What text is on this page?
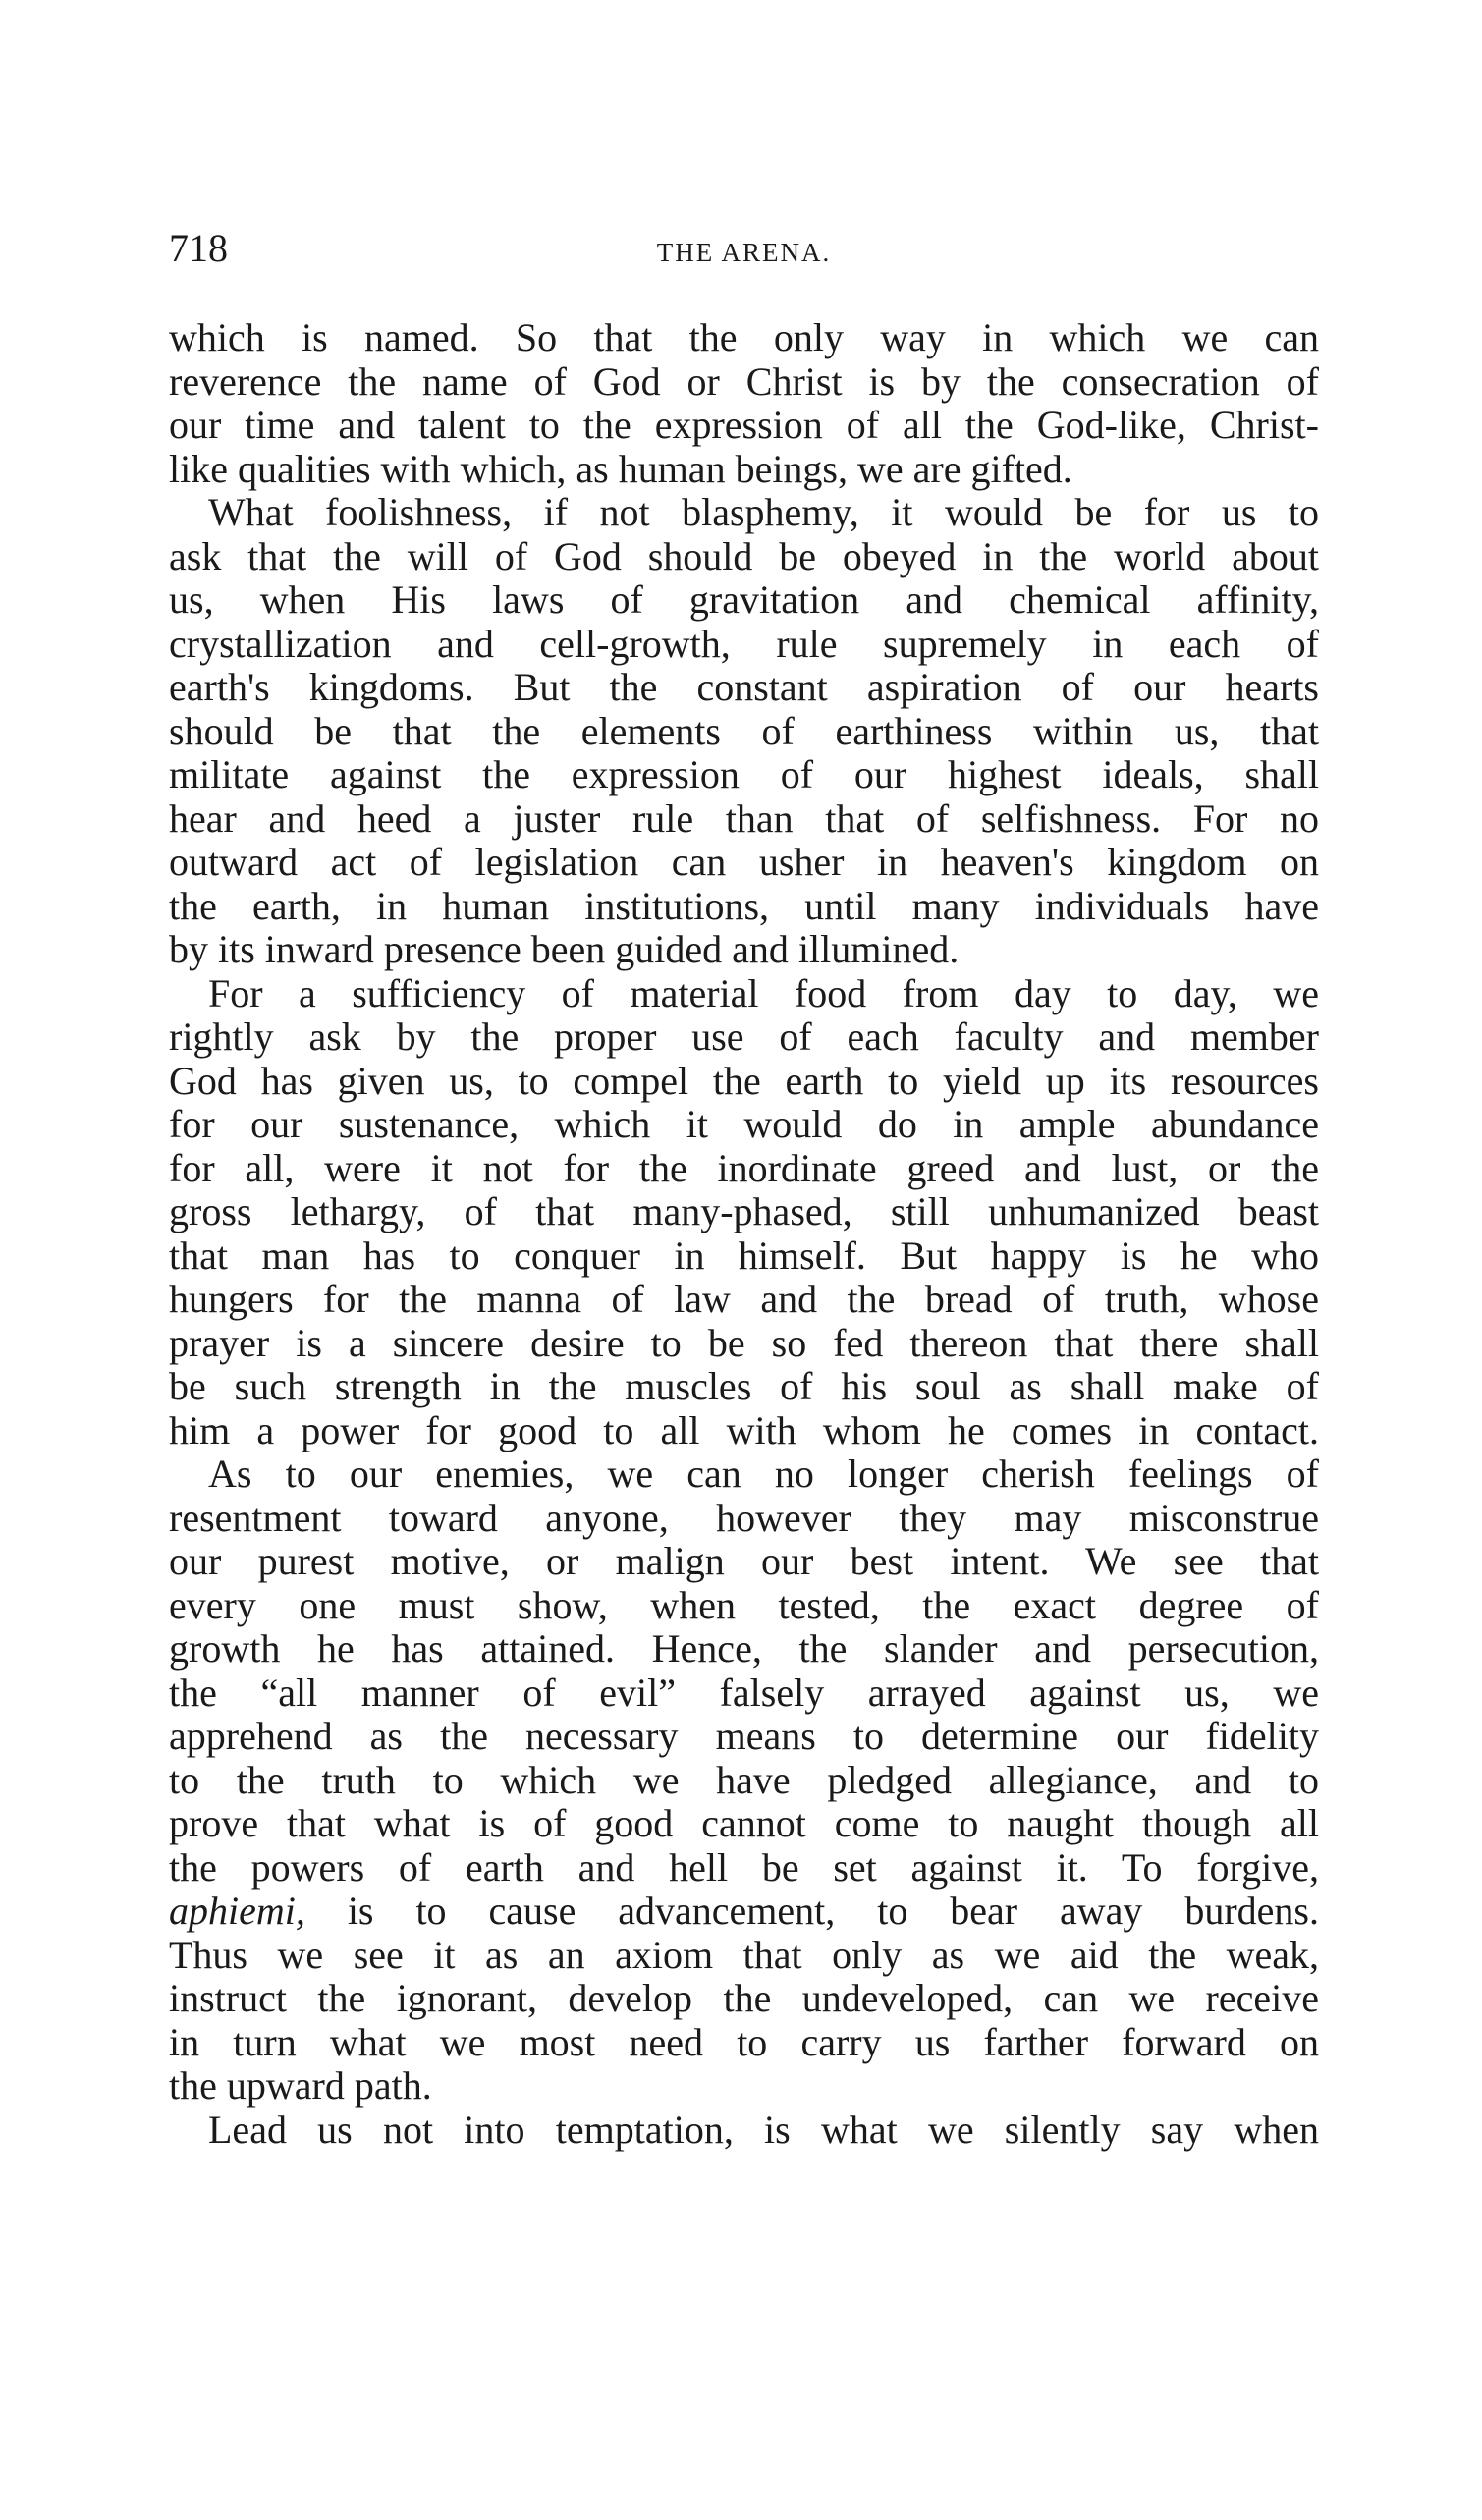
718	THE ARENA.
which is named. So that the only way in which we can
reverence the name of God or Christ is by the consecration of
our time and talent to the expression of all the God-like, Christ-
like qualities with which, as human beings, we are gifted.
What foolishness, if not blasphemy, it would be for us to
ask that the will of God should be obeyed in the world about
us, when His laws of gravitation and chemical affinity,
crystallization and cell-growth, rule supremely in each of
earth's kingdoms. But the constant aspiration of our hearts
should be that the elements of earthiness within us, that
militate against the expression of our highest ideals, shall
hear and heed a juster rule than that of selfishness. For no
outward act of legislation can usher in heaven's kingdom on
the earth, in human institutions, until many individuals have
by its inward presence been guided and illumined.
For a sufficiency of material food from day to day, we
rightly ask by the proper use of each faculty and member
God has given us, to compel the earth to yield up its resources
for our sustenance, which it would do in ample abundance
for all, were it not for the inordinate greed and lust, or the
gross lethargy, of that many-phased, still unhumanized beast
that man has to conquer in himself. But happy is he who
hungers for the manna of law and the bread of truth, whose
prayer is a sincere desire to be so fed thereon that there shall
be such strength in the muscles of his soul as shall make of
him a power for good to all with whom he comes in contact.
As to our enemies, we can no longer cherish feelings of
resentment toward anyone, however they may misconstrue
our purest motive, or malign our best intent. We see that
every one must show, when tested, the exact degree of
growth he has attained. Hence, the slander and persecution,
the “all manner of evil” falsely arrayed against us, we
apprehend as the necessary means to determine our fidelity
to the truth to which we have pledged allegiance, and to
prove that what is of good cannot come to naught though all
the powers of earth and hell be set against it. To forgive,
aphiemi, is to cause advancement, to bear away burdens.
Thus we see it as an axiom that only as we aid the weak,
instruct the ignorant, develop the undeveloped, can we receive
in turn what we most need to carry us farther forward on
the upward path.
Lead us not into temptation, is what we silently say when
